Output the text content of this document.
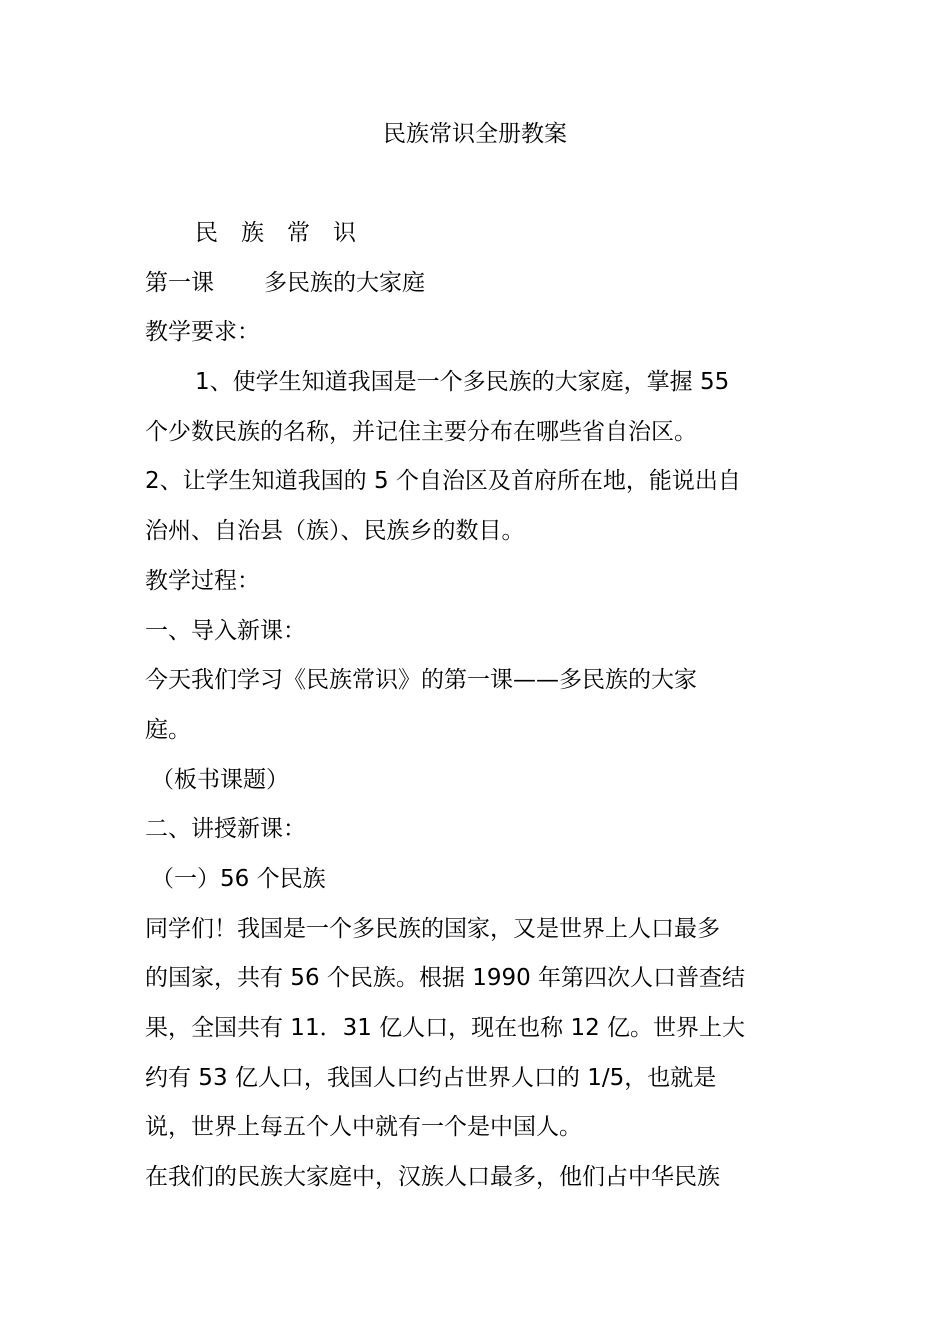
民族常识全册教案
民　族　常　识
第一课 多民族的大家庭
教学要求：
1、使学生知道我国是一个多民族的大家庭，掌握 55
个少数民族的名称，并记住主要分布在哪些省自治区。
2、让学生知道我国的 5 个自治区及首府所在地，能说出自
治州、自治县（族）、民族乡的数目。
教学过程：
一、导入新课：
今天我们学习《民族常识》的第一课——多民族的大家
庭。
（板书课题）
二、讲授新课：
（一）56 个民族
同学们！我国是一个多民族的国家，又是世界上人口最多
的国家，共有 56 个民族。根据 1990 年第四次人口普查结
果，全国共有 11．31 亿人口，现在也称 12 亿。世界上大
约有 53 亿人口，我国人口约占世界人口的 1/5，也就是
说，世界上每五个人中就有一个是中国人。
在我们的民族大家庭中，汉族人口最多，他们占中华民族
